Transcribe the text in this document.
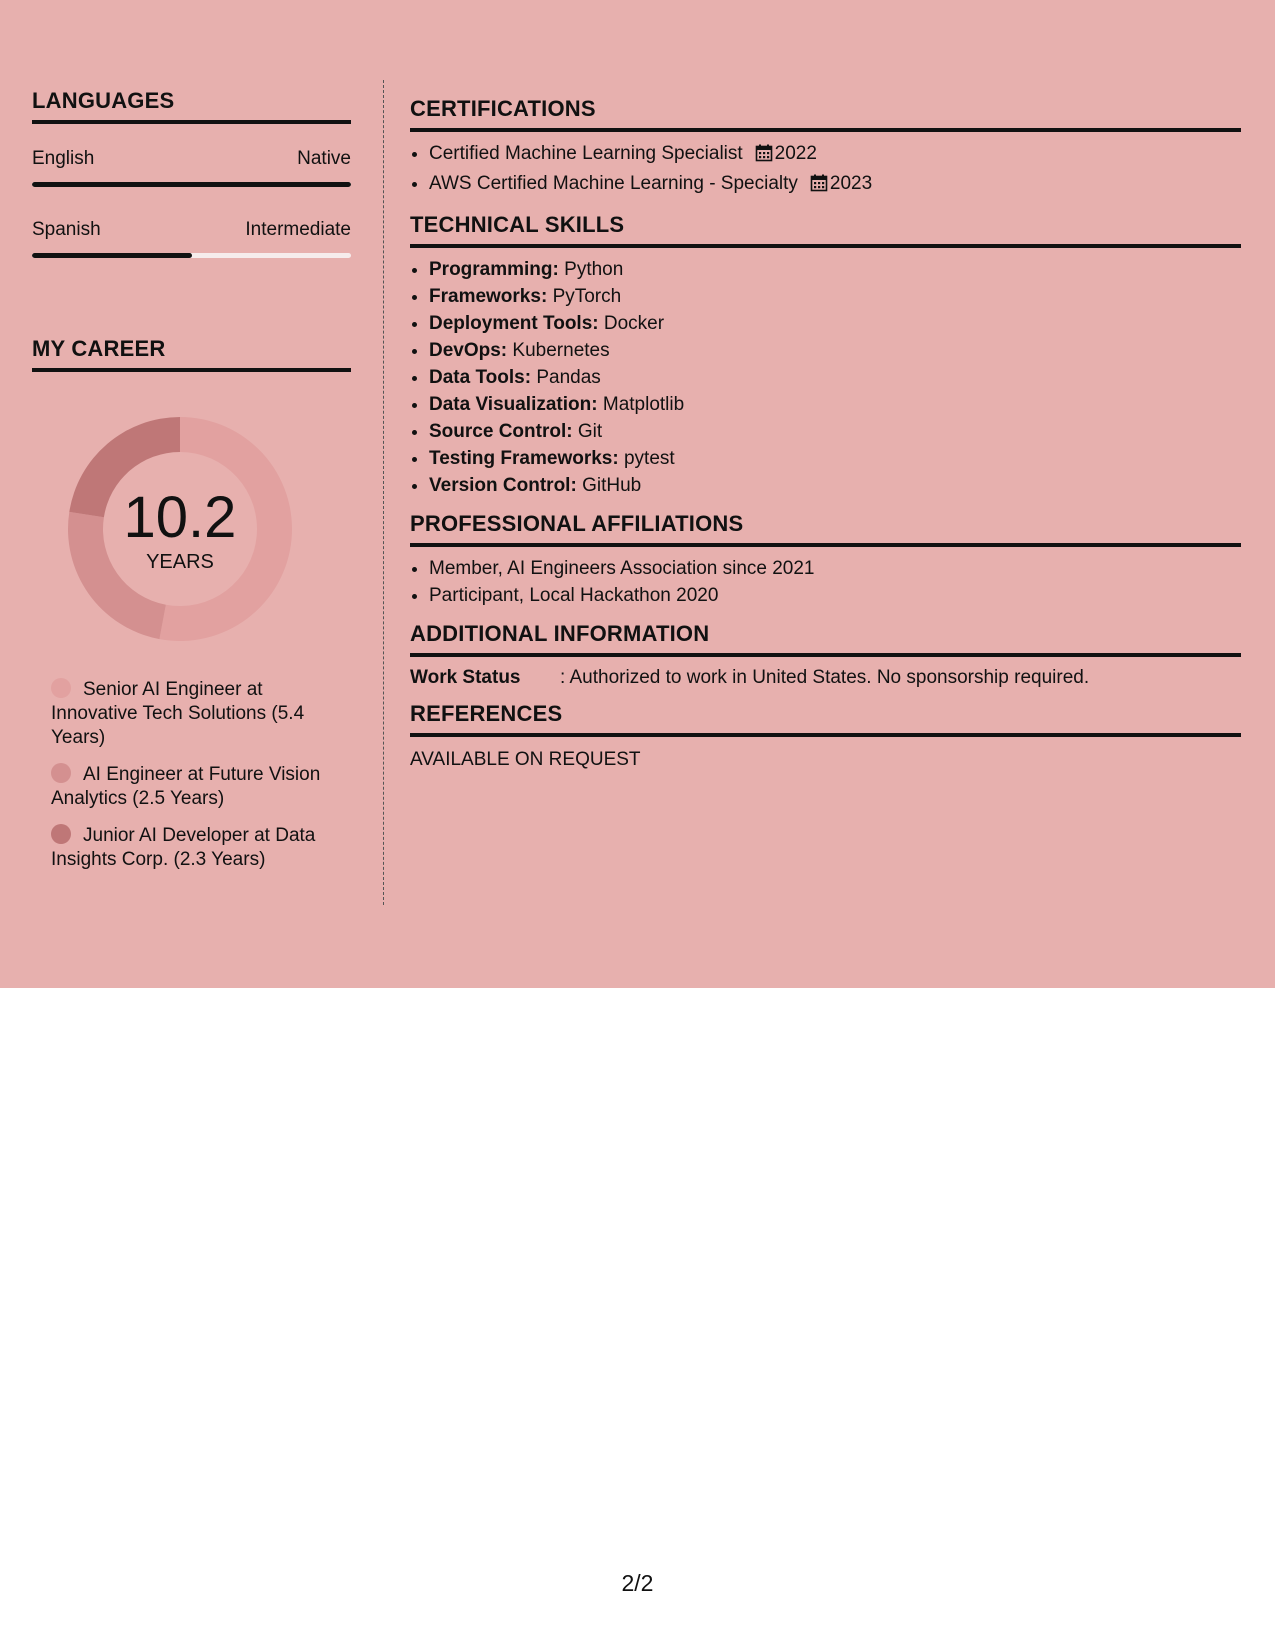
LANGUAGES
English	Native
Spanish	Intermediate
MY CAREER
10.2
YEARS
Senior AI Engineer at Innovative Tech Solutions (5.4 Years)
AI Engineer at Future Vision Analytics (2.5 Years)
Junior AI Developer at Data Insights Corp. (2.3 Years)
CERTIFICATIONS
• Certified Machine Learning Specialist 2022
• AWS Certified Machine Learning - Specialty 2023
TECHNICAL SKILLS
• Programming: Python
• Frameworks: PyTorch
• Deployment Tools: Docker
• DevOps: Kubernetes
• Data Tools: Pandas
• Data Visualization: Matplotlib
• Source Control: Git
• Testing Frameworks: pytest
• Version Control: GitHub
PROFESSIONAL AFFILIATIONS
• Member, AI Engineers Association since 2021
• Participant, Local Hackathon 2020
ADDITIONAL INFORMATION
Work Status	: Authorized to work in United States. No sponsorship required.
REFERENCES
AVAILABLE ON REQUEST
2/2
